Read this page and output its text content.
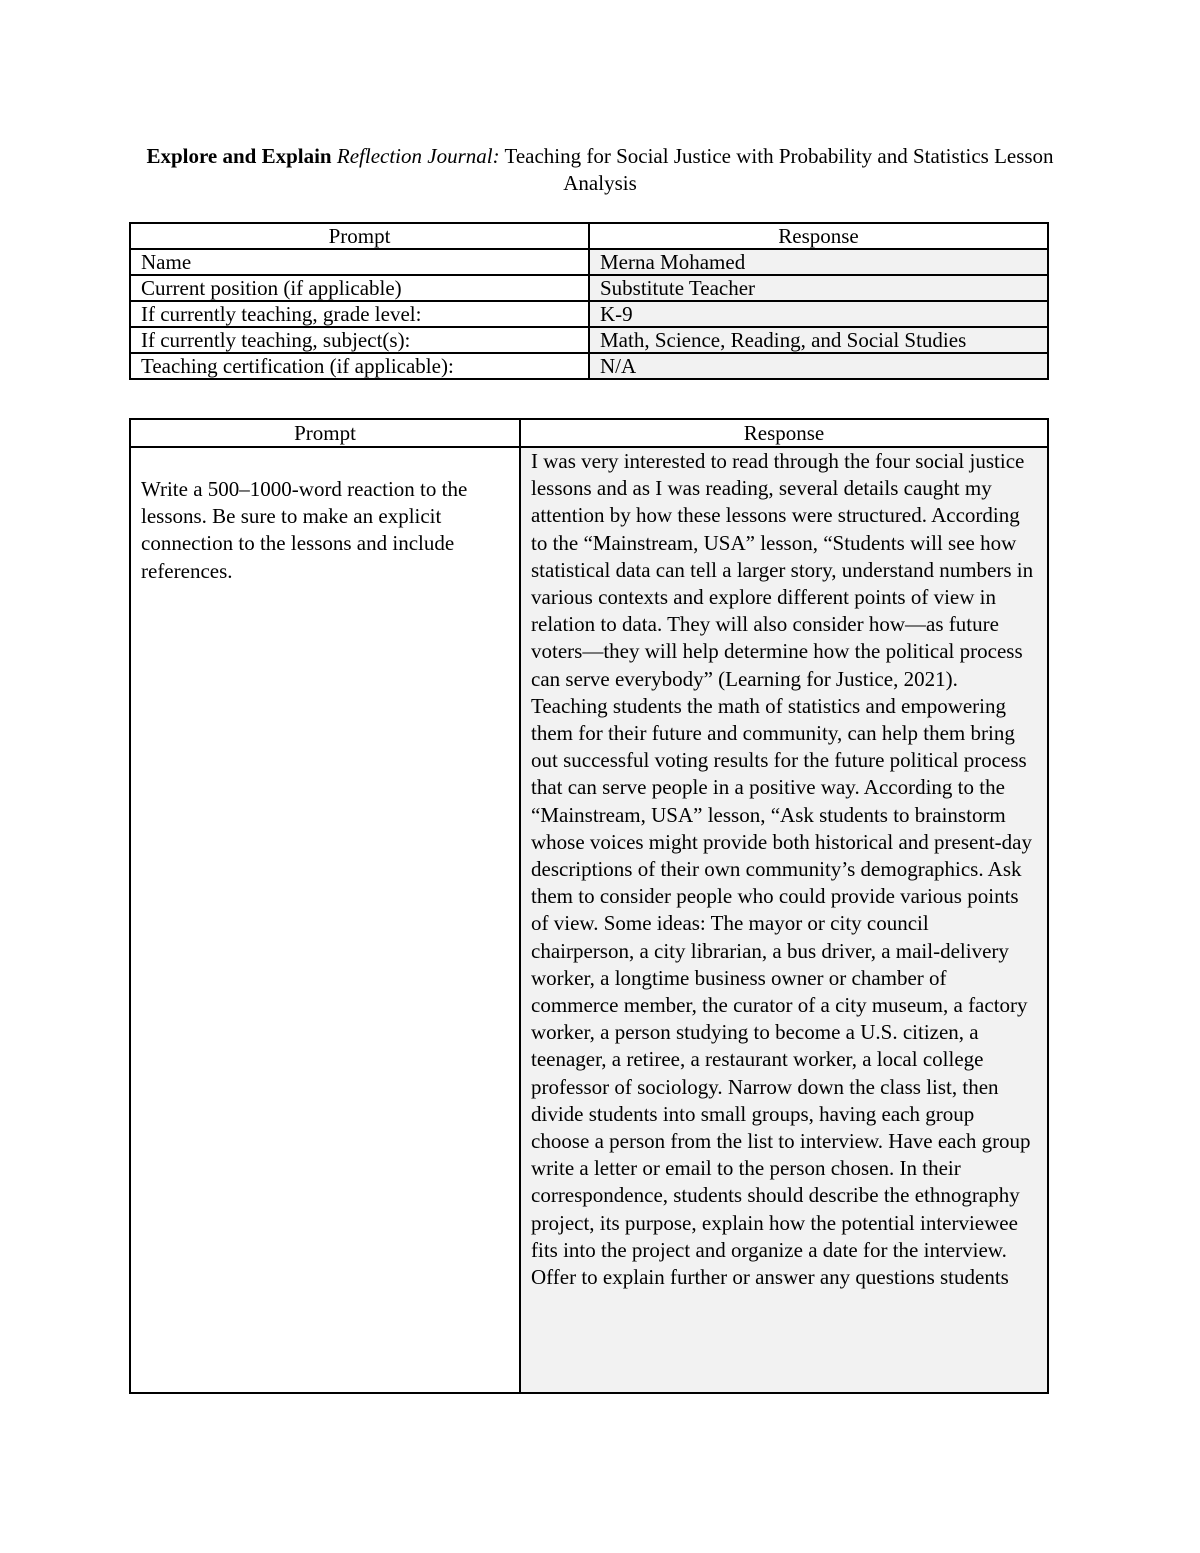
Explore and Explain Reflection Journal: Teaching for Social Justice with Probability and Statistics Lesson Analysis
Prompt	Response
Name	Merna Mohamed
Current position (if applicable)	Substitute Teacher
If currently teaching, grade level:	K-9
If currently teaching, subject(s):	Math, Science, Reading, and Social Studies
Teaching certification (if applicable):	N/A
Prompt	Response
Write a 500–1000-word reaction to the lessons. Be sure to make an explicit connection to the lessons and include references.	I was very interested to read through the four social justice lessons and as I was reading, several details caught my attention by how these lessons were structured. According to the “Mainstream, USA” lesson, “Students will see how statistical data can tell a larger story, understand numbers in various contexts and explore different points of view in relation to data. They will also consider how—as future voters—they will help determine how the political process can serve everybody” (Learning for Justice, 2021). Teaching students the math of statistics and empowering them for their future and community, can help them bring out successful voting results for the future political process that can serve people in a positive way. According to the “Mainstream, USA” lesson, “Ask students to brainstorm whose voices might provide both historical and present-day descriptions of their own community’s demographics. Ask them to consider people who could provide various points of view. Some ideas: The mayor or city council chairperson, a city librarian, a bus driver, a mail-delivery worker, a longtime business owner or chamber of commerce member, the curator of a city museum, a factory worker, a person studying to become a U.S. citizen, a teenager, a retiree, a restaurant worker, a local college professor of sociology. Narrow down the class list, then divide students into small groups, having each group choose a person from the list to interview. Have each group write a letter or email to the person chosen. In their correspondence, students should describe the ethnography project, its purpose, explain how the potential interviewee fits into the project and organize a date for the interview. Offer to explain further or answer any questions students
